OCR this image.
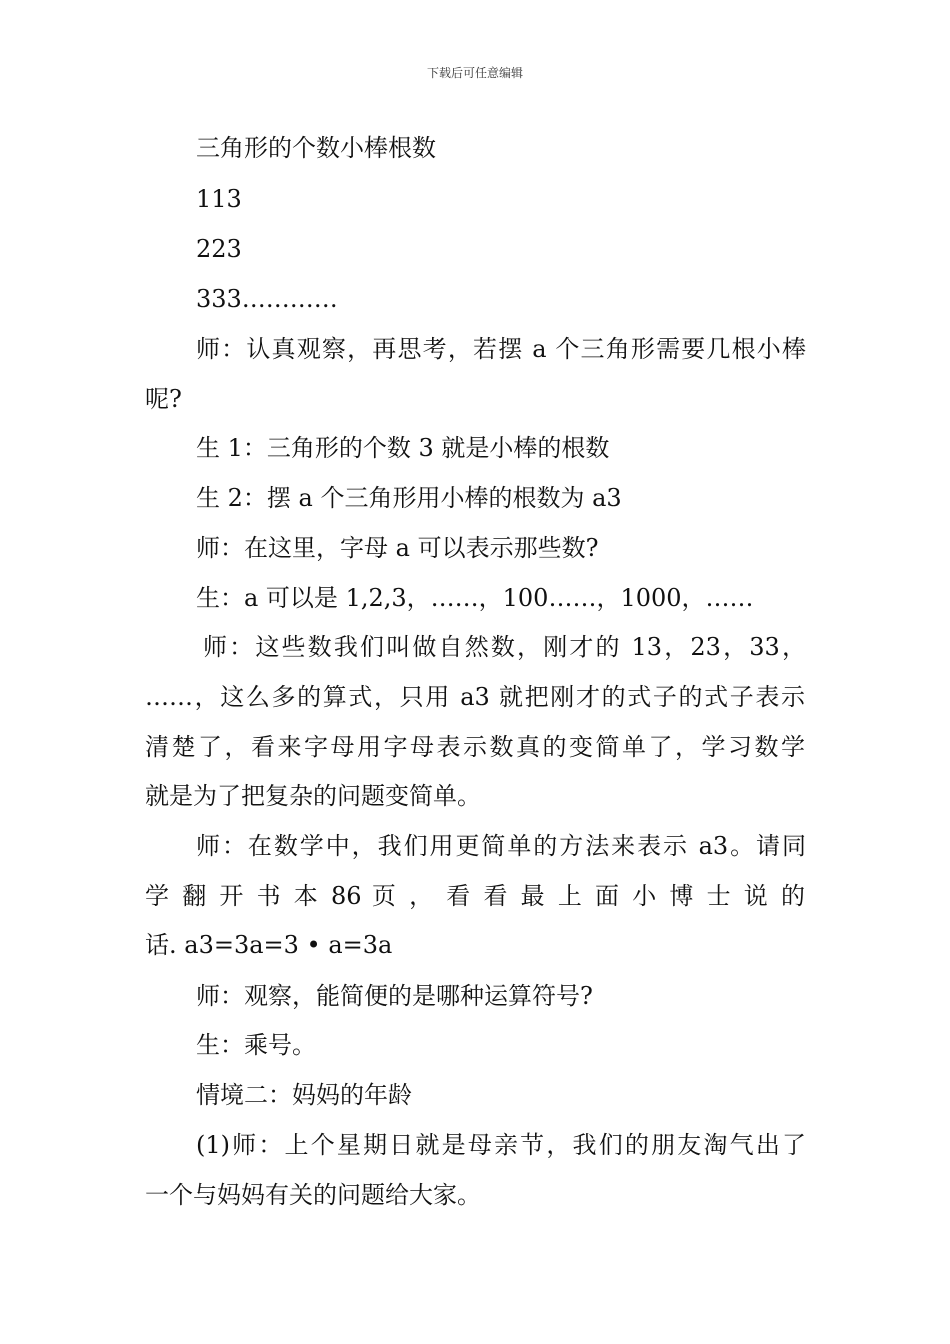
下载后可任意编辑
三角形的个数小棒根数
113
223
333…………
师：认真观察，再思考，若摆 a 个三角形需要几根小棒
呢?
生 1：三角形的个数 3 就是小棒的根数
生 2：摆 a 个三角形用小棒的根数为 a3
师：在这里，字母 a 可以表示那些数?
生：a 可以是 1,2,3，……，100……，1000，……
师：这些数我们叫做自然数，刚才的 13，23，33，
……，这么多的算式，只用 a3 就把刚才的式子的式子表示
清楚了，看来字母用字母表示数真的变简单了，学习数学
就是为了把复杂的问题变简单。
师：在数学中，我们用更简单的方法来表示 a3。请同
学 翻 开 书 本 86 页 ， 看 看 最 上 面 小 博 士 说 的
话. a3=3a=3 • a=3a
师：观察，能简便的是哪种运算符号?
生：乘号。
情境二：妈妈的年龄
(1)师：上个星期日就是母亲节，我们的朋友淘气出了
一个与妈妈有关的问题给大家。
